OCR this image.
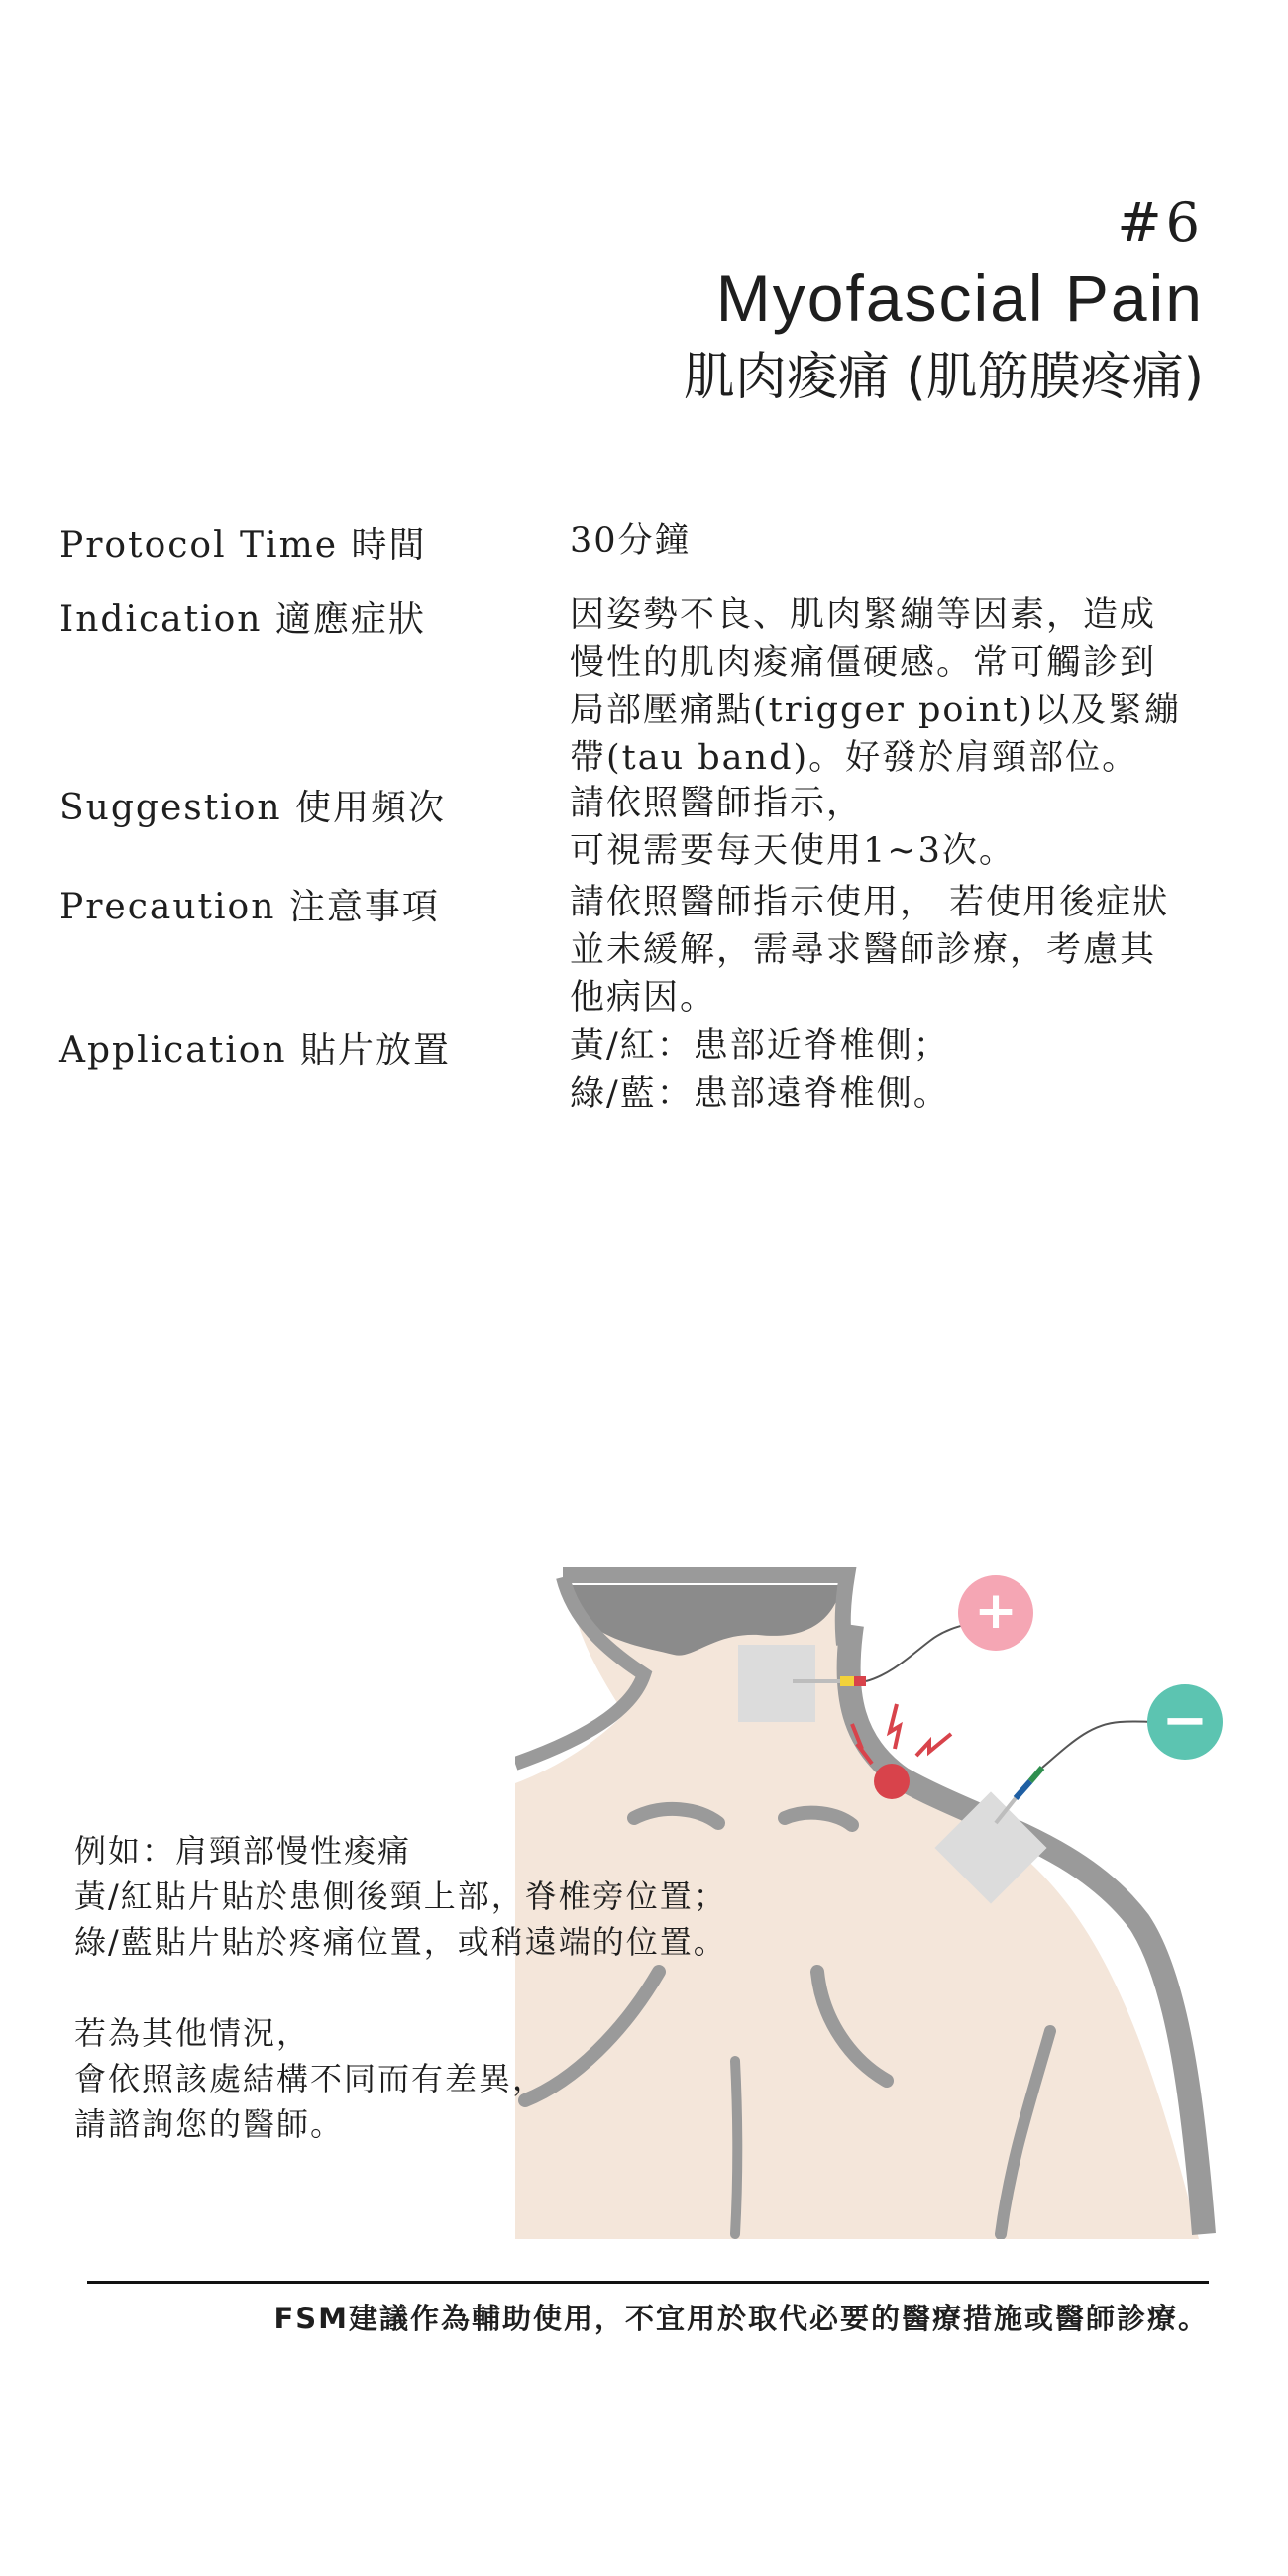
#6
Myofascial Pain
肌肉痠痛 (肌筋膜疼痛)
Protocol Time 時間	30分鐘
Indication 適應症狀	因姿勢不良、肌肉緊繃等因素，造成
慢性的肌肉痠痛僵硬感。常可觸診到
局部壓痛點(trigger point)以及緊繃
帶(tau band)。好發於肩頸部位。
Suggestion 使用頻次	請依照醫師指示，
可視需要每天使用1~3次。
Precaution 注意事項	請依照醫師指示使用， 若使用後症狀
並未緩解，需尋求醫師診療，考慮其
他病因。
Application 貼片放置	黃/紅：患部近脊椎側；
綠/藍：患部遠脊椎側。
+
−
例如：肩頸部慢性痠痛
黃/紅貼片貼於患側後頸上部，脊椎旁位置；
綠/藍貼片貼於疼痛位置，或稍遠端的位置。
若為其他情況，
會依照該處結構不同而有差異，
請諮詢您的醫師。
FSM建議作為輔助使用，不宜用於取代必要的醫療措施或醫師診療。
